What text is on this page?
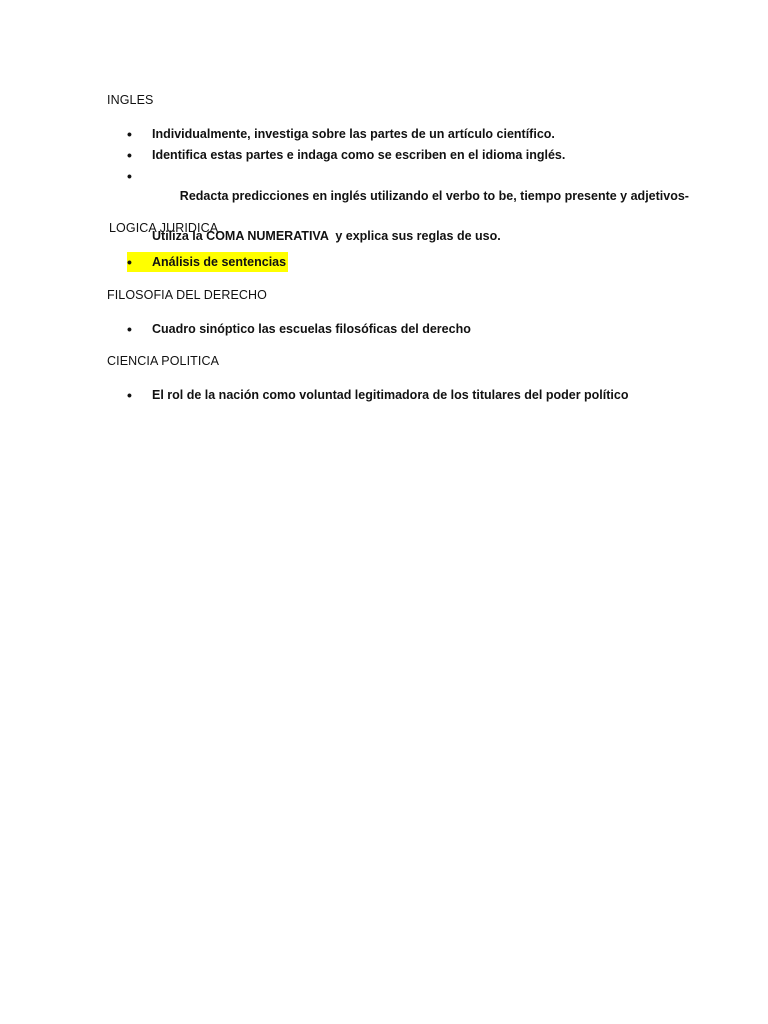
INGLES
•	Individualmente, investiga sobre las partes de un artículo científico.
•	Identifica estas partes e indaga como se escriben en el idioma inglés.
•

Redacta predicciones en inglés utilizando el verbo to be, tiempo presente y adjetivos-

Utiliza la COMA NUMERATIVA  y explica sus reglas de uso.

LOGICA JURIDICA
•	Análisis de sentencias
FILOSOFIA DEL DERECHO
•	Cuadro sinóptico las escuelas filosóficas del derecho
CIENCIA POLITICA
•	El rol de la nación como voluntad legitimadora de los titulares del poder político
